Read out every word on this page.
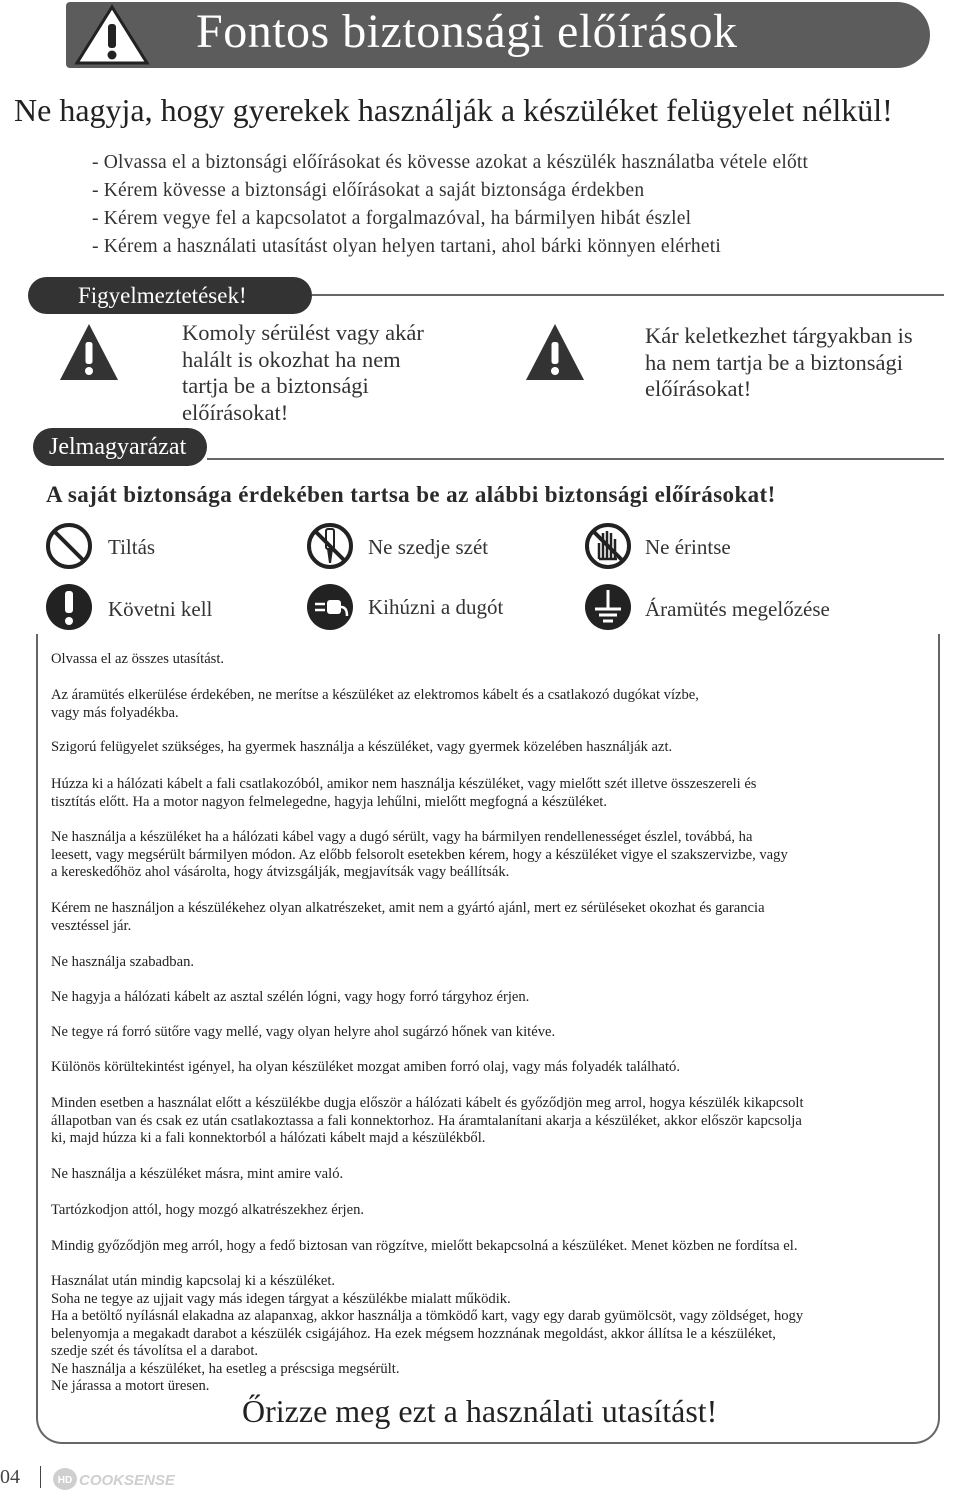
Fontos biztonsági előírások
Ne hagyja, hogy gyerekek használják a készüléket felügyelet nélkül!
- Olvassa el a biztonsági előírásokat és kövesse azokat a készülék használatba vétele előtt
- Kérem kövesse a biztonsági előírásokat a saját biztonsága érdekben
- Kérem vegye fel a kapcsolatot a forgalmazóval, ha bármilyen hibát észlel
- Kérem a használati utasítást olyan helyen tartani, ahol bárki könnyen elérheti
Figyelmeztetések!
Komoly sérülést vagy akár
halált is okozhat ha nem
tartja be a biztonsági
előírásokat!
Kár keletkezhet tárgyakban is
ha nem tartja be a biztonsági
előírásokat!
Jelmagyarázat
A saját biztonsága érdekében tartsa be az alábbi biztonsági előírásokat!
Tiltás	Ne szedje szét	Ne érintse
Követni kell	Kihúzni a dugót	Áramütés megelőzése
Olvassa el az összes utasítást.
Az áramütés elkerülése érdekében, ne merítse a készüléket az elektromos kábelt és a csatlakozó dugókat vízbe,
vagy más folyadékba.
Szigorú felügyelet szükséges, ha gyermek használja a készüléket, vagy gyermek közelében használják azt.
Húzza ki a hálózati kábelt a fali csatlakozóból, amikor nem használja készüléket, vagy mielőtt szét illetve összeszereli és
tisztítás előtt. Ha a motor nagyon felmelegedne, hagyja lehűlni, mielőtt megfogná a készüléket.
Ne használja a készüléket ha a hálózati kábel vagy a dugó sérült, vagy ha bármilyen rendellenességet észlel, továbbá, ha
leesett, vagy megsérült bármilyen módon. Az előbb felsorolt esetekben kérem, hogy a készüléket vigye el szakszervizbe, vagy
a kereskedőhöz ahol vásárolta, hogy átvizsgálják, megjavítsák vagy beállítsák.
Kérem ne használjon a készülékehez olyan alkatrészeket, amit nem a gyártó ajánl, mert ez sérüléseket okozhat és garancia
vesztéssel jár.
Ne használja szabadban.
Ne hagyja a hálózati kábelt az asztal szélén lógni, vagy hogy forró tárgyhoz érjen.
Ne tegye rá forró sütőre vagy mellé, vagy olyan helyre ahol sugárzó hőnek van kitéve.
Különös körültekintést igényel, ha olyan készüléket mozgat amiben forró olaj, vagy más folyadék található.
Minden esetben a használat előtt a készülékbe dugja először a hálózati kábelt és győződjön meg arrol, hogya készülék kikapcsolt
állapotban van és csak ez után csatlakoztassa a fali konnektorhoz. Ha áramtalanítani akarja a készüléket, akkor először kapcsolja
ki, majd húzza ki a fali konnektorból a hálózati kábelt majd a készülékből.
Ne használja a készüléket másra, mint amire való.
Tartózkodjon attól, hogy mozgó alkatrészekhez érjen.
Mindig győződjön meg arról, hogy a fedő biztosan van rögzítve, mielőtt bekapcsolná a készüléket. Menet közben ne fordítsa el.
Használat után mindig kapcsolaj ki a készüléket.
Soha ne tegye az ujjait vagy más idegen tárgyat a készülékbe mialatt működik.
Ha a betöltő nyílásnál elakadna az alapanxag, akkor használja a tömködő kart, vagy egy darab gyümölcsöt, vagy zöldséget, hogy
belenyomja a megakadt darabot a készülék csigájához. Ha ezek mégsem hozznának megoldást, akkor állítsa le a készüléket,
szedje szét és távolítsa el a darabot.
Ne használja a készüléket, ha esetleg a préscsiga megsérült.
Ne járassa a motort üresen.
Őrizze meg ezt a használati utasítást!
04	HD COOKSENSE
